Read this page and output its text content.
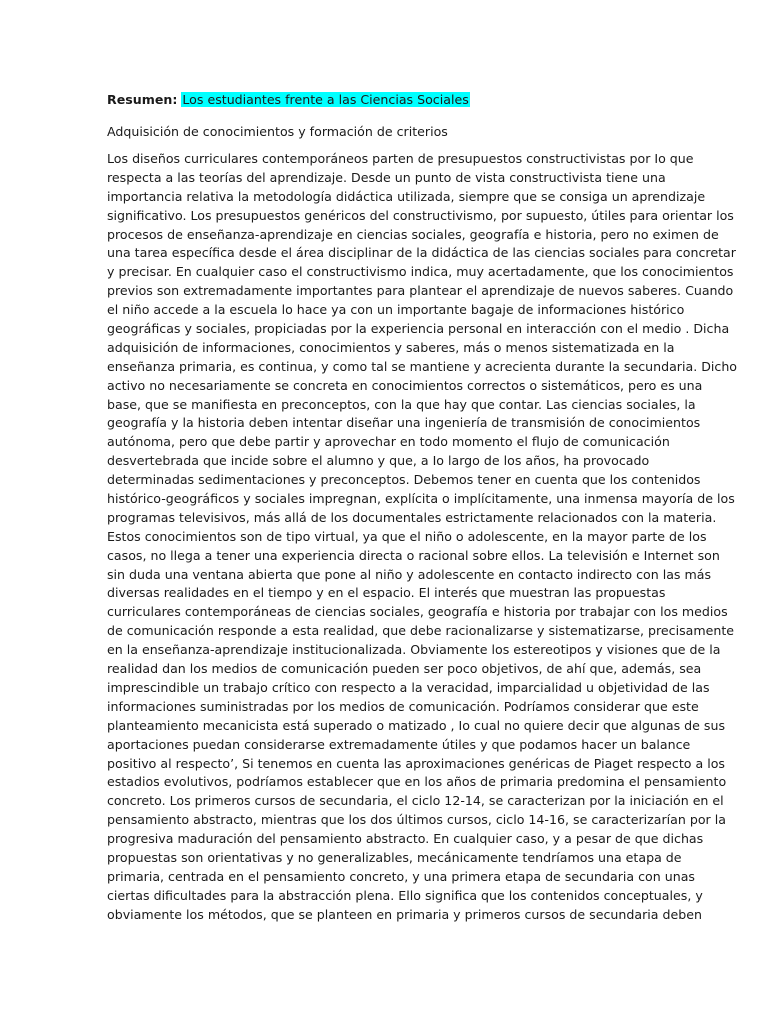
Resumen: Los estudiantes frente a las Ciencias Sociales
Adquisición de conocimientos y formación de criterios
Los diseños curriculares contemporáneos parten de presupuestos constructivistas por Io que
respecta a las teorías del aprendizaje. Desde un punto de vista constructivista tiene una
importancia relativa la metodología didáctica utilizada, siempre que se consiga un aprendizaje
significativo. Los presupuestos genéricos del constructivismo, por supuesto, útiles para orientar los
procesos de enseñanza-aprendizaje en ciencias sociales, geografía e historia, pero no eximen de
una tarea específica desde el área disciplinar de la didáctica de las ciencias sociales para concretar
y precisar. En cualquier caso el constructivismo indica, muy acertadamente, que los conocimientos
previos son extremadamente importantes para plantear el aprendizaje de nuevos saberes. Cuando
el niño accede a la escuela lo hace ya con un importante bagaje de informaciones histórico
geográficas y sociales, propiciadas por la experiencia personal en interacción con el medio . Dicha
adquisición de informaciones, conocimientos y saberes, más o menos sistematizada en la
enseñanza primaria, es continua, y como tal se mantiene y acrecienta durante la secundaria. Dicho
activo no necesariamente se concreta en conocimientos correctos o sistemáticos, pero es una
base, que se manifiesta en preconceptos, con la que hay que contar. Las ciencias sociales, la
geografía y la historia deben intentar diseñar una ingeniería de transmisión de conocimientos
autónoma, pero que debe partir y aprovechar en todo momento el flujo de comunicación
desvertebrada que incide sobre el alumno y que, a Io largo de los años, ha provocado
determinadas sedimentaciones y preconceptos. Debemos tener en cuenta que los contenidos
histórico-geográficos y sociales impregnan, explícita o implícitamente, una inmensa mayoría de los
programas televisivos, más allá de los documentales estrictamente relacionados con la materia.
Estos conocimientos son de tipo virtual, ya que el niño o adolescente, en la mayor parte de los
casos, no llega a tener una experiencia directa o racional sobre ellos. La televisión e Internet son
sin duda una ventana abierta que pone al niño y adolescente en contacto indirecto con las más
diversas realidades en el tiempo y en el espacio. El interés que muestran las propuestas
curriculares contemporáneas de ciencias sociales, geografía e historia por trabajar con los medios
de comunicación responde a esta realidad, que debe racionalizarse y sistematizarse, precisamente
en la enseñanza-aprendizaje institucionalizada. Obviamente los estereotipos y visiones que de la
realidad dan los medios de comunicación pueden ser poco objetivos, de ahí que, además, sea
imprescindible un trabajo crítico con respecto a la veracidad, imparcialidad u objetividad de las
informaciones suministradas por los medios de comunicación. Podríamos considerar que este
planteamiento mecanicista está superado o matizado , Io cual no quiere decir que algunas de sus
aportaciones puedan considerarse extremadamente útiles y que podamos hacer un balance
positivo al respecto’, Si tenemos en cuenta las aproximaciones genéricas de Piaget respecto a los
estadios evolutivos, podríamos establecer que en los años de primaria predomina el pensamiento
concreto. Los primeros cursos de secundaria, el ciclo 12-14, se caracterizan por la iniciación en el
pensamiento abstracto, mientras que los dos últimos cursos, ciclo 14-16, se caracterizarían por la
progresiva maduración del pensamiento abstracto. En cualquier caso, y a pesar de que dichas
propuestas son orientativas y no generalizables, mecánicamente tendríamos una etapa de
primaria, centrada en el pensamiento concreto, y una primera etapa de secundaria con unas
ciertas dificultades para la abstracción plena. Ello significa que los contenidos conceptuales, y
obviamente los métodos, que se planteen en primaria y primeros cursos de secundaria deben
